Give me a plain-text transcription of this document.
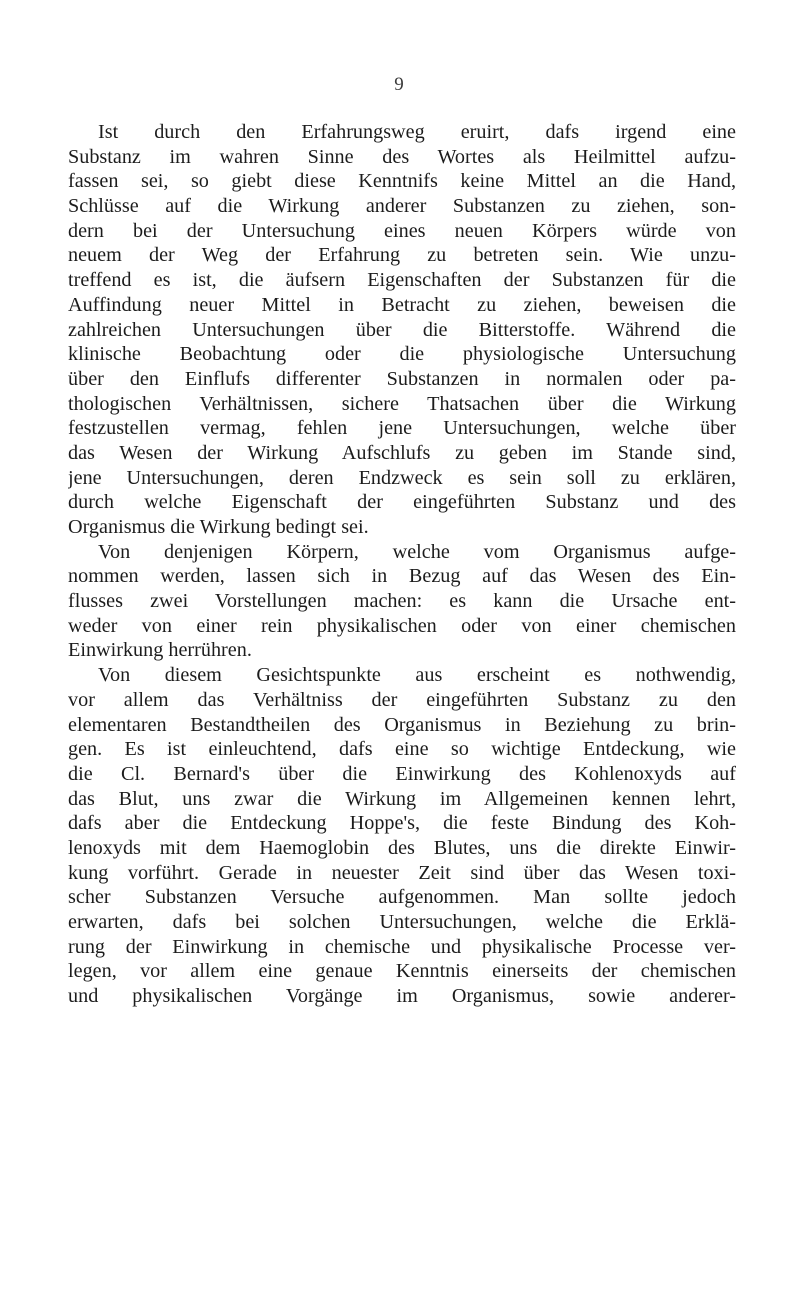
9
Ist durch den Erfahrungsweg eruirt, dafs irgend eine
Substanz im wahren Sinne des Wortes als Heilmittel aufzu-
fassen sei, so giebt diese Kenntnifs keine Mittel an die Hand,
Schlüsse auf die Wirkung anderer Substanzen zu ziehen, son-
dern bei der Untersuchung eines neuen Körpers würde von
neuem der Weg der Erfahrung zu betreten sein. Wie unzu-
treffend es ist, die äufsern Eigenschaften der Substanzen für die
Auffindung neuer Mittel in Betracht zu ziehen, beweisen die
zahlreichen Untersuchungen über die Bitterstoffe. Während die
klinische Beobachtung oder die physiologische Untersuchung
über den Einflufs differenter Substanzen in normalen oder pa-
thologischen Verhältnissen, sichere Thatsachen über die Wirkung
festzustellen vermag, fehlen jene Untersuchungen, welche über
das Wesen der Wirkung Aufschlufs zu geben im Stande sind,
jene Untersuchungen, deren Endzweck es sein soll zu erklären,
durch welche Eigenschaft der eingeführten Substanz und des
Organismus die Wirkung bedingt sei.
Von denjenigen Körpern, welche vom Organismus aufge-
nommen werden, lassen sich in Bezug auf das Wesen des Ein-
flusses zwei Vorstellungen machen: es kann die Ursache ent-
weder von einer rein physikalischen oder von einer chemischen
Einwirkung herrühren.
Von diesem Gesichtspunkte aus erscheint es nothwendig,
vor allem das Verhältniss der eingeführten Substanz zu den
elementaren Bestandtheilen des Organismus in Beziehung zu brin-
gen. Es ist einleuchtend, dafs eine so wichtige Entdeckung, wie
die Cl. Bernard's über die Einwirkung des Kohlenoxyds auf
das Blut, uns zwar die Wirkung im Allgemeinen kennen lehrt,
dafs aber die Entdeckung Hoppe's, die feste Bindung des Koh-
lenoxyds mit dem Haemoglobin des Blutes, uns die direkte Einwir-
kung vorführt. Gerade in neuester Zeit sind über das Wesen toxi-
scher Substanzen Versuche aufgenommen. Man sollte jedoch
erwarten, dafs bei solchen Untersuchungen, welche die Erklä-
rung der Einwirkung in chemische und physikalische Processe ver-
legen, vor allem eine genaue Kenntnis einerseits der chemischen
und physikalischen Vorgänge im Organismus, sowie anderer-
